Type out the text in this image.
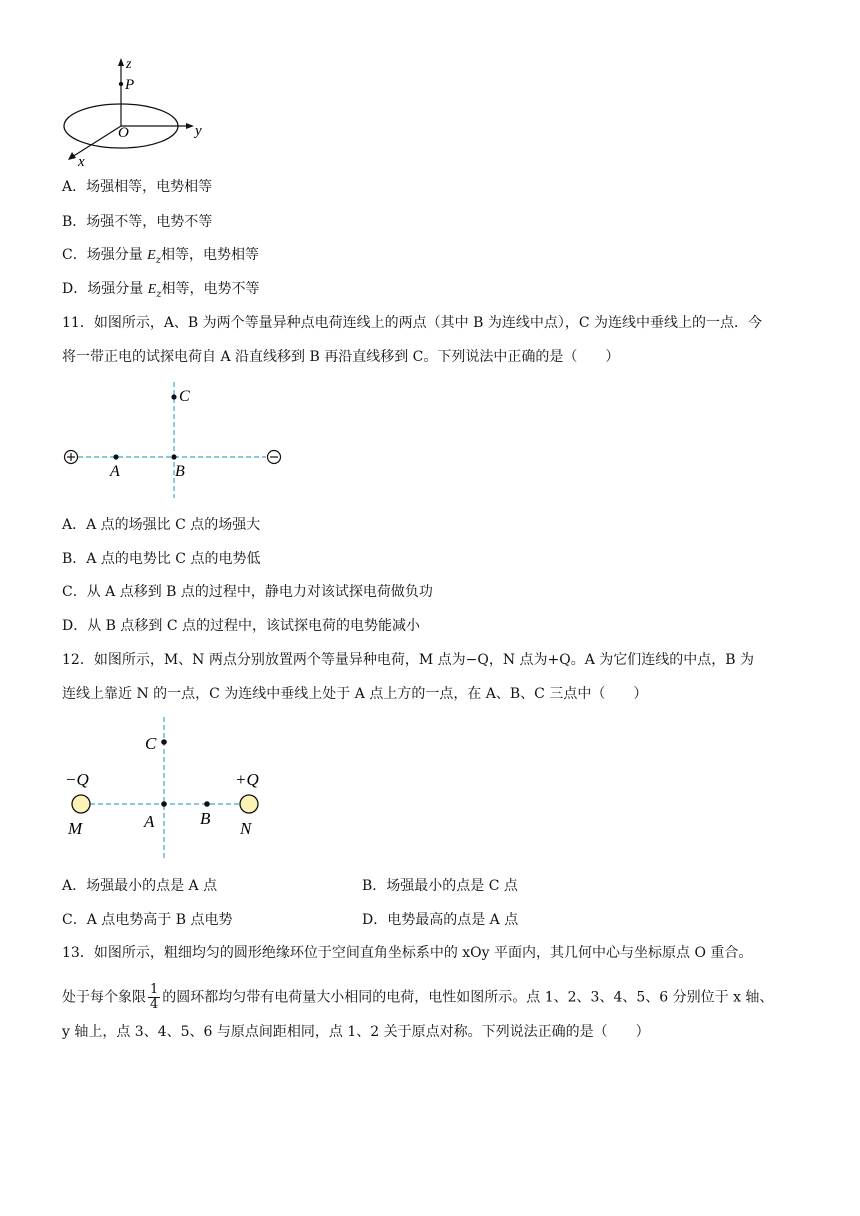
z
P
O	y
x
A．场强相等，电势相等
B．场强不等，电势不等
C．场强分量 $E_z$相等，电势相等
D．场强分量 $E_z$相等，电势不等
11．如图所示，A、B 为两个等量异种点电荷连线上的两点（其中 B 为连线中点），C 为连线中垂线上的一点．今
将一带正电的试探电荷自 A 沿直线移到 B 再沿直线移到 C。下列说法中正确的是（　　）
C
A	B
A．A 点的场强比 C 点的场强大
B．A 点的电势比 C 点的电势低
C．从 A 点移到 B 点的过程中，静电力对该试探电荷做负功
D．从 B 点移到 C 点的过程中，该试探电荷的电势能减小
12．如图所示，M、N 两点分别放置两个等量异种电荷，M 点为−Q，N 点为+Q。A 为它们连线的中点，B 为
连线上靠近 N 的一点，C 为连线中垂线上处于 A 点上方的一点，在 A、B、C 三点中（　　）
C
−Q	+Q
M	A	B
N
A．场强最小的点是 A 点	B．场强最小的点是 C 点
C．A 点电势高于 B 点电势	D．电势最高的点是 A 点
13．如图所示，粗细均匀的圆形绝缘环位于空间直角坐标系中的 xOy 平面内，其几何中心与坐标原点 O 重合。
处于每个象限 $\frac{1}{4}$ 的圆环都均匀带有电荷量大小相同的电荷，电性如图所示。点 1、2、3、4、5、6 分别位于 x 轴、
y 轴上，点 3、4、5、6 与原点间距相同，点 1、2 关于原点对称。下列说法正确的是（　　）
